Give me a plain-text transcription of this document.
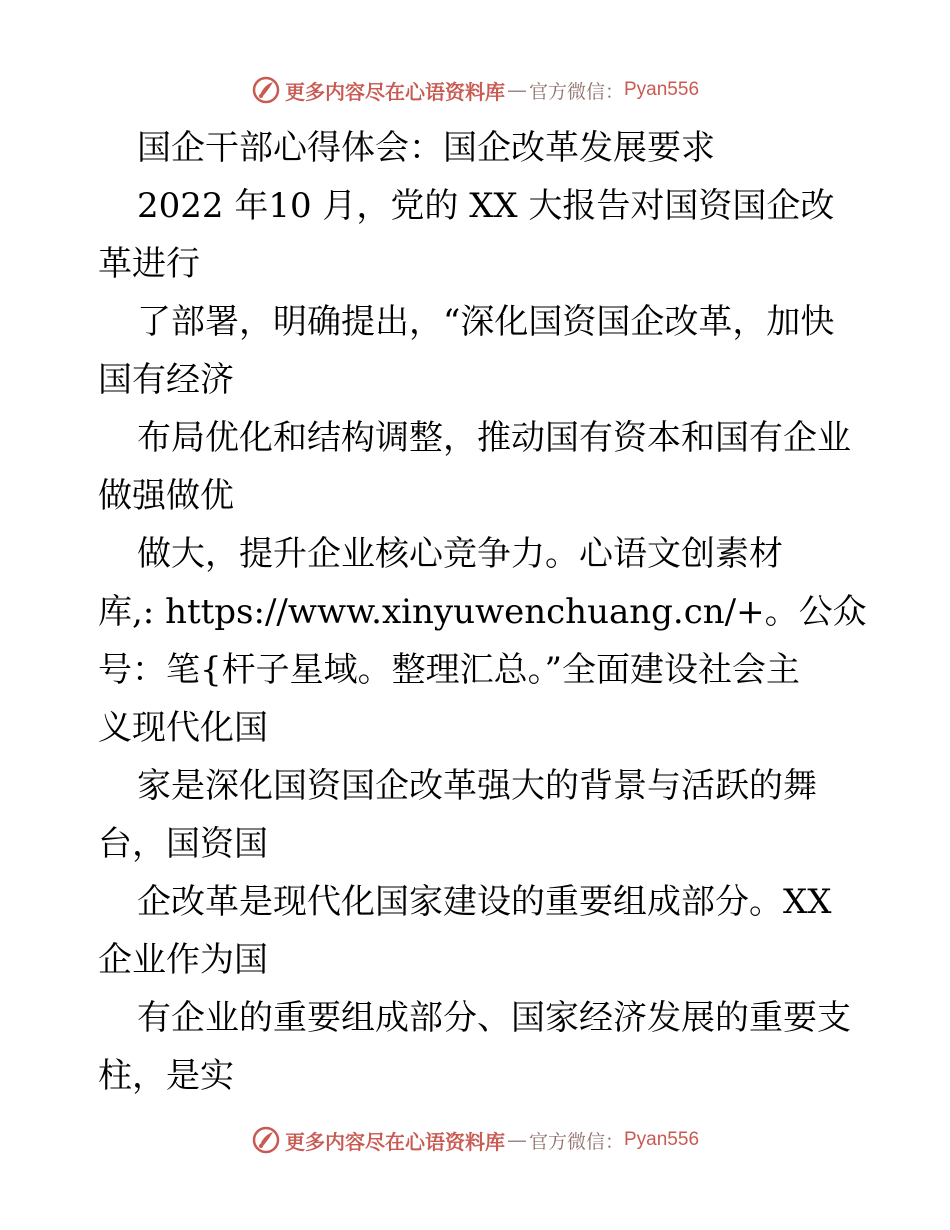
更多内容尽在心语资料库 — 官方微信： Pyan556
国企干部心得体会：国企改革发展要求
2022 年10 月，党的 XX 大报告对国资国企改
革进行
了部署，明确提出，“深化国资国企改革，加快
国有经济
布局优化和结构调整，推动国有资本和国有企业
做强做优
做大，提升企业核心竞争力。心语文创素材
库,: https://www.xinyuwenchuang.cn/+。公众
号：笔{杆子星域。整理汇总。”全面建设社会主
义现代化国
家是深化国资国企改革强大的背景与活跃的舞
台，国资国
企改革是现代化国家建设的重要组成部分。XX
企业作为国
有企业的重要组成部分、国家经济发展的重要支
柱，是实
更多内容尽在心语资料库 — 官方微信： Pyan556
